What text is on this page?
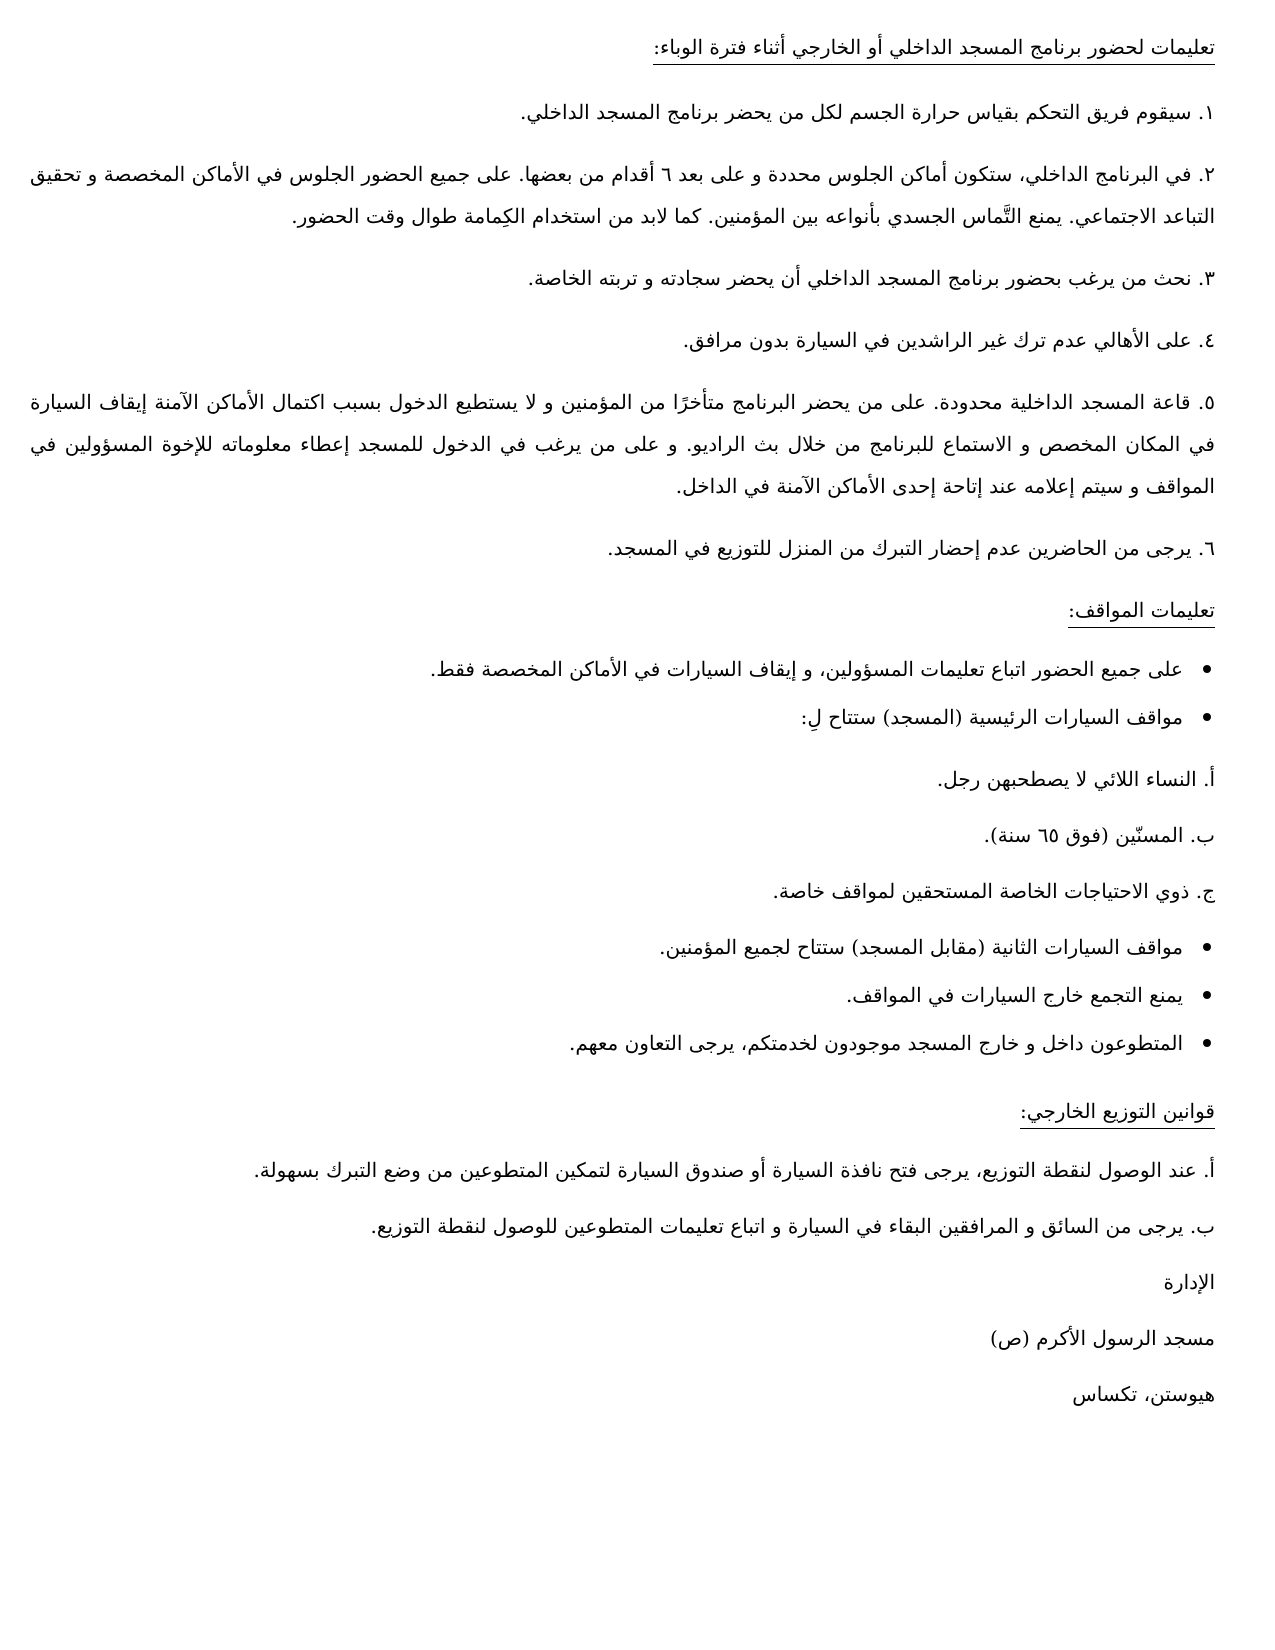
تعليمات لحضور برنامج المسجد الداخلي أو الخارجي أثناء فترة الوباء:

١. سيقوم فريق التحكم بقياس حرارة الجسم لكل من يحضر برنامج المسجد الداخلي.

٢. في البرنامج الداخلي، ستكون أماكن الجلوس محددة و على بعد ٦ أقدام من بعضها. على جميع الحضور الجلوس في الأماكن المخصصة و تحقيق التباعد الاجتماعي. يمنع التَّماس الجسدي بأنواعه بين المؤمنين. كما لابد من استخدام الكِمامة طوال وقت الحضور.

٣. نحث من يرغب بحضور برنامج المسجد الداخلي أن يحضر سجادته و تربته الخاصة.

٤. على الأهالي عدم ترك غير الراشدين في السيارة بدون مرافق.

٥. قاعة المسجد الداخلية محدودة. على من يحضر البرنامج متأخرًا من المؤمنين و لا يستطيع الدخول بسبب اكتمال الأماكن الآمنة إيقاف السيارة في المكان المخصص و الاستماع للبرنامج من خلال بث الراديو. و على من يرغب في الدخول للمسجد إعطاء معلوماته للإخوة المسؤولين في المواقف و سيتم إعلامه عند إتاحة إحدى الأماكن الآمنة في الداخل.

٦. يرجى من الحاضرين عدم إحضار التبرك من المنزل للتوزيع في المسجد.

تعليمات المواقف:
على جميع الحضور اتباع تعليمات المسؤولين، و إيقاف السيارات في الأماكن المخصصة فقط.
مواقف السيارات الرئيسية (المسجد) ستتاح لِ:

أ. النساء اللائي لا يصطحبهن رجل.

ب. المسنّين (فوق ٦٥ سنة).

ج. ذوي الاحتياجات الخاصة المستحقين لمواقف خاصة.

مواقف السيارات الثانية (مقابل المسجد) ستتاح لجميع المؤمنين.
يمنع التجمع خارج السيارات في المواقف.
المتطوعون داخل و خارج المسجد موجودون لخدمتكم، يرجى التعاون معهم.
قوانين التوزيع الخارجي:

أ. عند الوصول لنقطة التوزيع، يرجى فتح نافذة السيارة أو صندوق السيارة لتمكين المتطوعين من وضع التبرك بسهولة.

ب. يرجى من السائق و المرافقين البقاء في السيارة و اتباع تعليمات المتطوعين للوصول لنقطة التوزيع.

الإدارة

مسجد الرسول الأكرم (ص)

هيوستن، تكساس
